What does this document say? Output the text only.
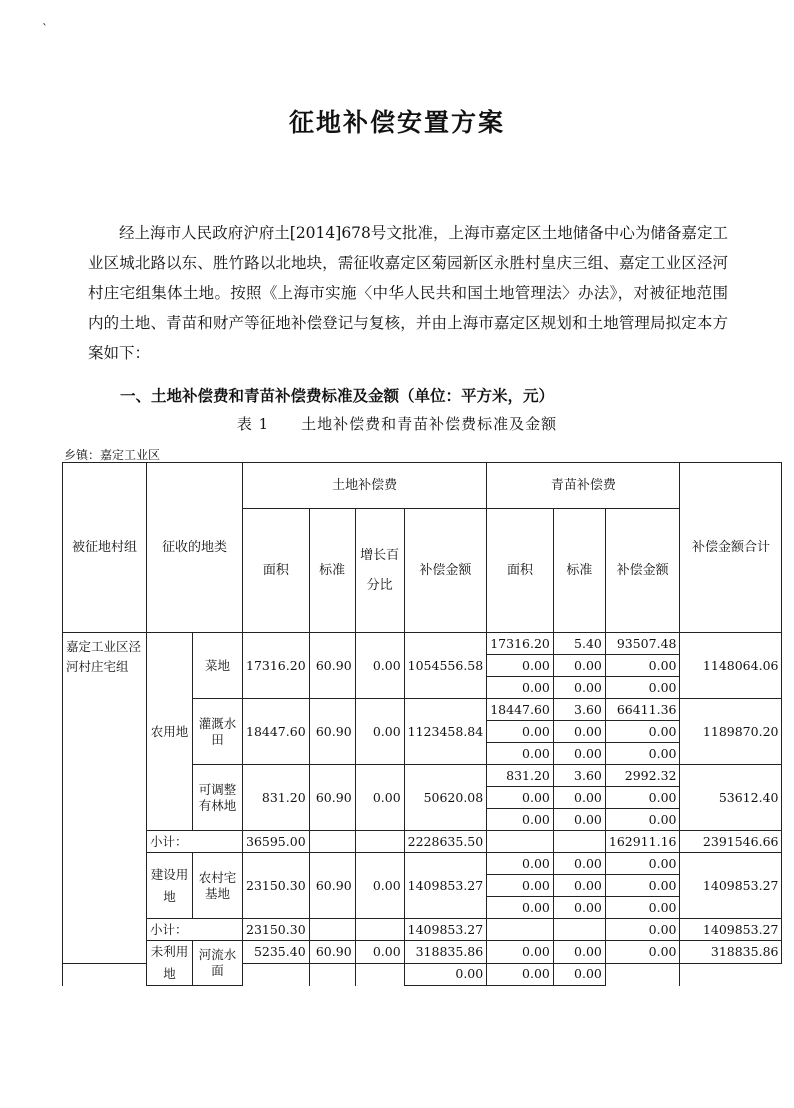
ˋ
征地补偿安置方案

经上海市人民政府沪府土[2014]678号文批准，上海市嘉定区土地储备中心为储备嘉定工业区城北路以东、胜竹路以北地块，需征收嘉定区菊园新区永胜村皇庆三组、嘉定工业区泾河村庄宅组集体土地。按照《上海市实施〈中华人民共和国土地管理法〉办法》，对被征地范围内的土地、青苗和财产等征地补偿登记与复核，并由上海市嘉定区规划和土地管理局拟定本方案如下：

一、土地补偿费和青苗补偿费标准及金额（单位：平方米，元）
表 1　　土地补偿费和青苗补偿费标准及金额
乡镇：嘉定工业区
被征地村组	征收的地类		土地补偿费				青苗补偿费			补偿金额合计
			面积	标准	增长百分比	补偿金额	面积	标准	补偿金额	
嘉定工业区泾河村庄宅组	农用地	菜地	17316.20	60.90	0.00	1054556.58	17316.20	5.40	93507.48	1148064.06
							0.00	0.00	0.00	
							0.00	0.00	0.00	
		灌溉水田	18447.60	60.90	0.00	1123458.84	18447.60	3.60	66411.36	1189870.20
							0.00	0.00	0.00	
							0.00	0.00	0.00	
		可调整有林地	831.20	60.90	0.00	50620.08	831.20	3.60	2992.32	53612.40
							0.00	0.00	0.00	
							0.00	0.00	0.00	
	小计：		36595.00			2228635.50			162911.16	2391546.66
	建设用地	农村宅基地	23150.30	60.90	0.00	1409853.27	0.00	0.00	0.00	1409853.27
							0.00	0.00	0.00	
							0.00	0.00	0.00	
	小计：		23150.30			1409853.27			0.00	1409853.27
	未利用地	河流水面	5235.40	60.90	0.00	318835.86	0.00	0.00	0.00	318835.86
						0.00	0.00	0.00		
